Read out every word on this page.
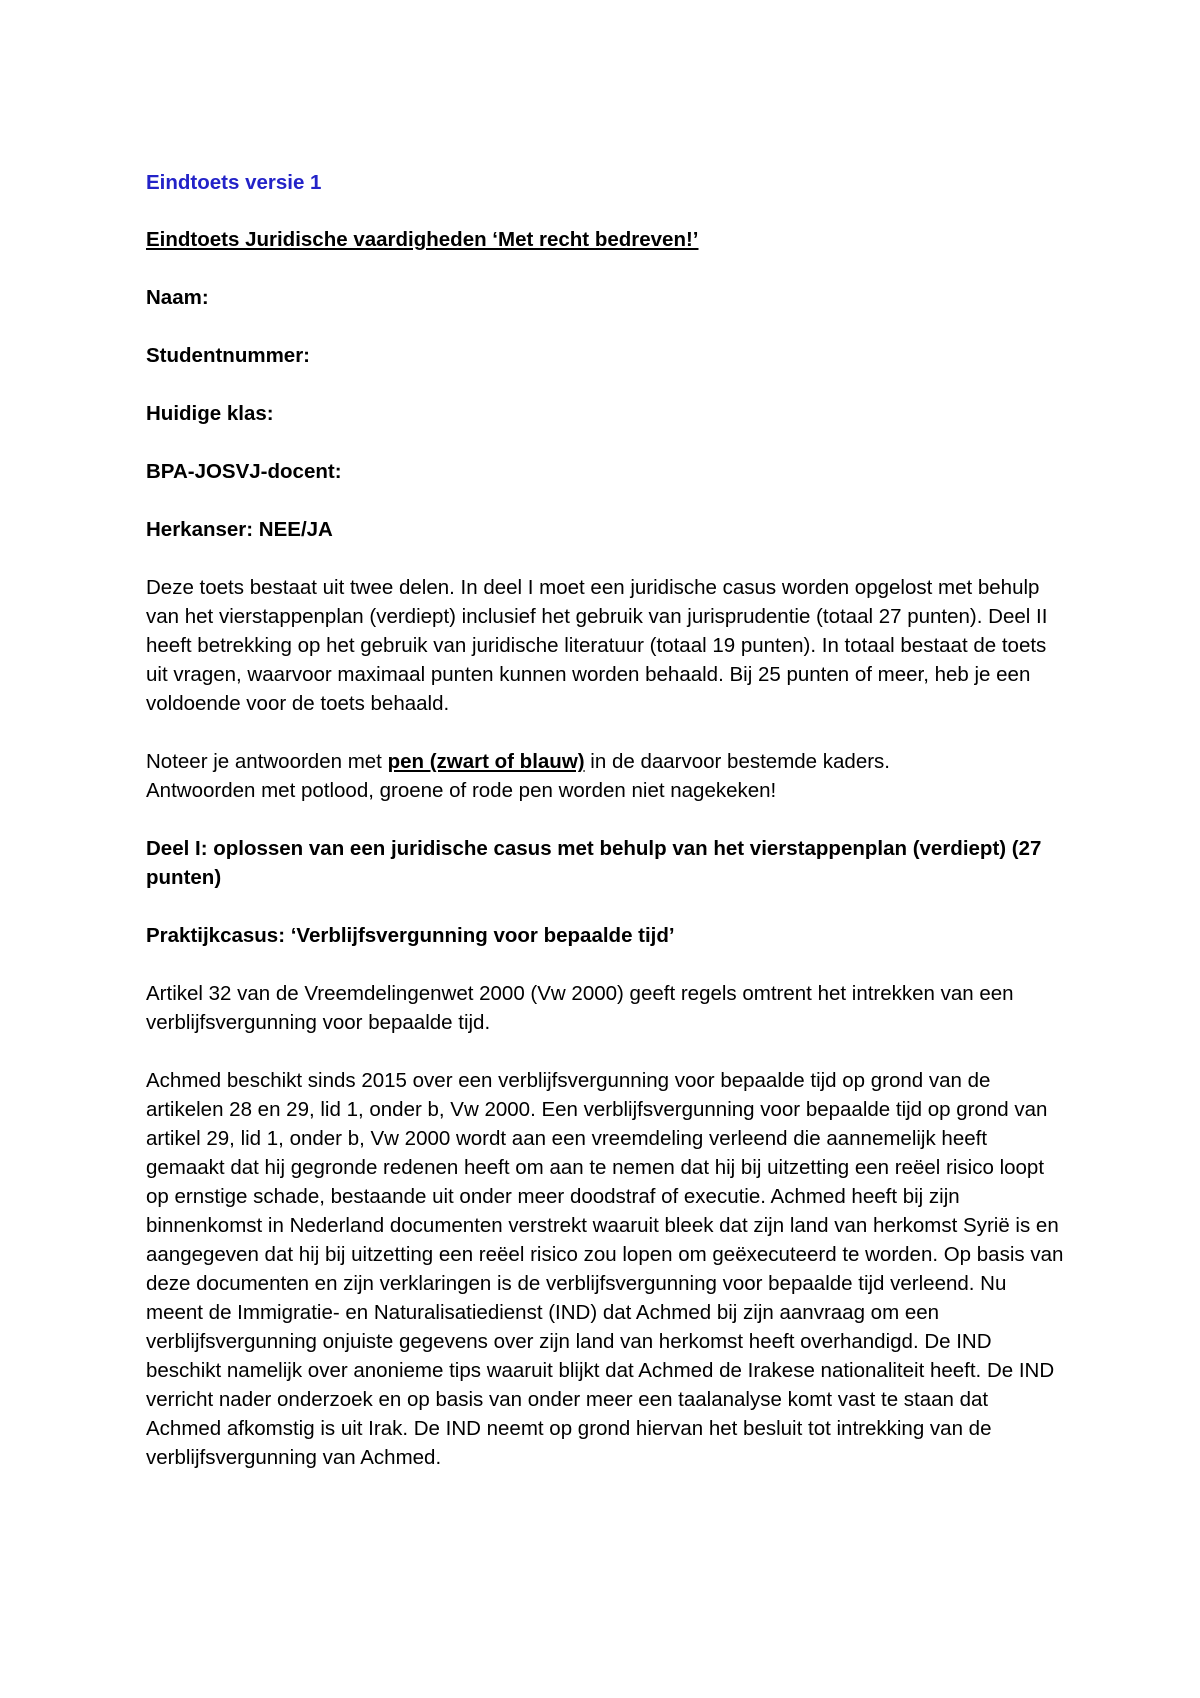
Eindtoets versie 1

Eindtoets Juridische vaardigheden ‘Met recht bedreven!’

Naam:

Studentnummer:

Huidige klas:

BPA-JOSVJ-docent:

Herkanser: NEE/JA

Deze toets bestaat uit twee delen. In deel I moet een juridische casus worden opgelost met behulp van het vierstappenplan (verdiept) inclusief het gebruik van jurisprudentie (totaal 27 punten). Deel II heeft betrekking op het gebruik van juridische literatuur (totaal 19 punten). In totaal bestaat de toets uit vragen, waarvoor maximaal punten kunnen worden behaald. Bij 25 punten of meer, heb je een voldoende voor de toets behaald.

Noteer je antwoorden met pen (zwart of blauw) in de daarvoor bestemde kaders.
Antwoorden met potlood, groene of rode pen worden niet nagekeken!

Deel I: oplossen van een juridische casus met behulp van het vierstappenplan (verdiept) (27 punten)

Praktijkcasus: ‘Verblijfsvergunning voor bepaalde tijd’

Artikel 32 van de Vreemdelingenwet 2000 (Vw 2000) geeft regels omtrent het intrekken van een verblijfsvergunning voor bepaalde tijd.

Achmed beschikt sinds 2015 over een verblijfsvergunning voor bepaalde tijd op grond van de artikelen 28 en 29, lid 1, onder b, Vw 2000. Een verblijfsvergunning voor bepaalde tijd op grond van artikel 29, lid 1, onder b, Vw 2000 wordt aan een vreemdeling verleend die aannemelijk heeft gemaakt dat hij gegronde redenen heeft om aan te nemen dat hij bij uitzetting een reëel risico loopt op ernstige schade, bestaande uit onder meer doodstraf of executie. Achmed heeft bij zijn binnenkomst in Nederland documenten verstrekt waaruit bleek dat zijn land van herkomst Syrië is en aangegeven dat hij bij uitzetting een reëel risico zou lopen om geëxecuteerd te worden. Op basis van deze documenten en zijn verklaringen is de verblijfsvergunning voor bepaalde tijd verleend. Nu meent de Immigratie- en Naturalisatiedienst (IND) dat Achmed bij zijn aanvraag om een verblijfsvergunning onjuiste gegevens over zijn land van herkomst heeft overhandigd. De IND beschikt namelijk over anonieme tips waaruit blijkt dat Achmed de Irakese nationaliteit heeft. De IND verricht nader onderzoek en op basis van onder meer een taalanalyse komt vast te staan dat Achmed afkomstig is uit Irak. De IND neemt op grond hiervan het besluit tot intrekking van de verblijfsvergunning van Achmed.
